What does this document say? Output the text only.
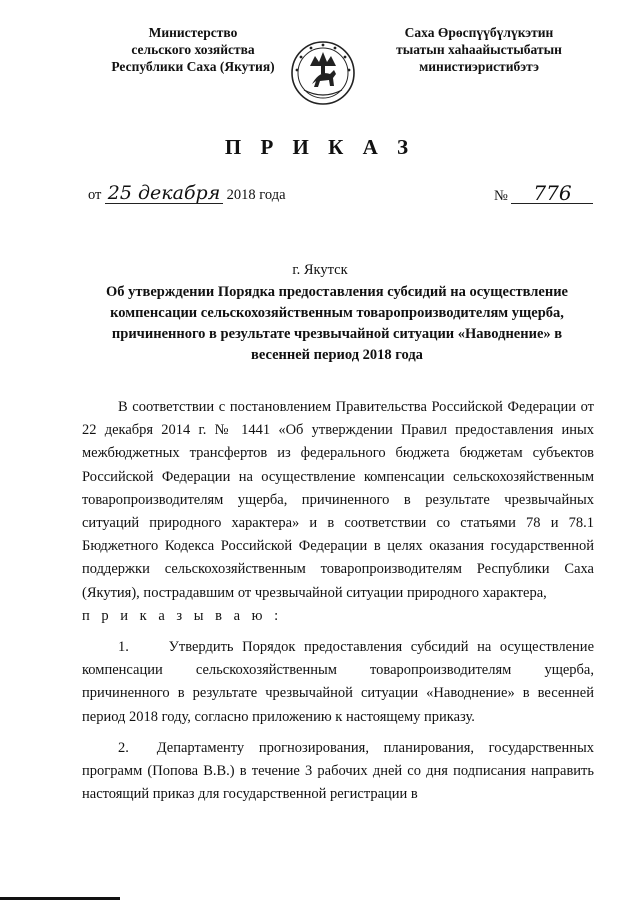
Министерство
сельского хозяйства
Республики Саха (Якутия)
Саха Өрөспүүбүлүкэтин
тыатын хаһаайыстыбатын
министиэристибэтэ
П Р И К А З
от 25 декабря 2018 года	№ 776
г. Якутск
Об утверждении Порядка предоставления субсидий на осуществление компенсации сельскохозяйственным товаропроизводителям ущерба, причиненного в результате чрезвычайной ситуации «Наводнение» в весенней период 2018 года

В соответствии с постановлением Правительства Российской Федерации от 22 декабря 2014 г. № 1441 «Об утверждении Правил предоставления иных межбюджетных трансфертов из федерального бюджета бюджетам субъектов Российской Федерации на осуществление компенсации сельскохозяйственным товаропроизводителям ущерба, причиненного в результате чрезвычайных ситуаций природного характера» и в соответствии со статьями 78 и 78.1 Бюджетного Кодекса Российской Федерации в целях оказания государственной поддержки сельскохозяйственным товаропроизводителям Республики Саха (Якутия), пострадавшим от чрезвычайной ситуации природного характера,

п р и к а з ы в а ю :

1.	Утвердить Порядок предоставления субсидий на осуществление компенсации сельскохозяйственным товаропроизводителям ущерба, причиненного в результате чрезвычайной ситуации «Наводнение» в весенней период 2018 году, согласно приложению к настоящему приказу.

2. Департаменту прогнозирования, планирования, государственных программ (Попова В.В.) в течение 3 рабочих дней со дня подписания направить настоящий приказ для государственной регистрации в
